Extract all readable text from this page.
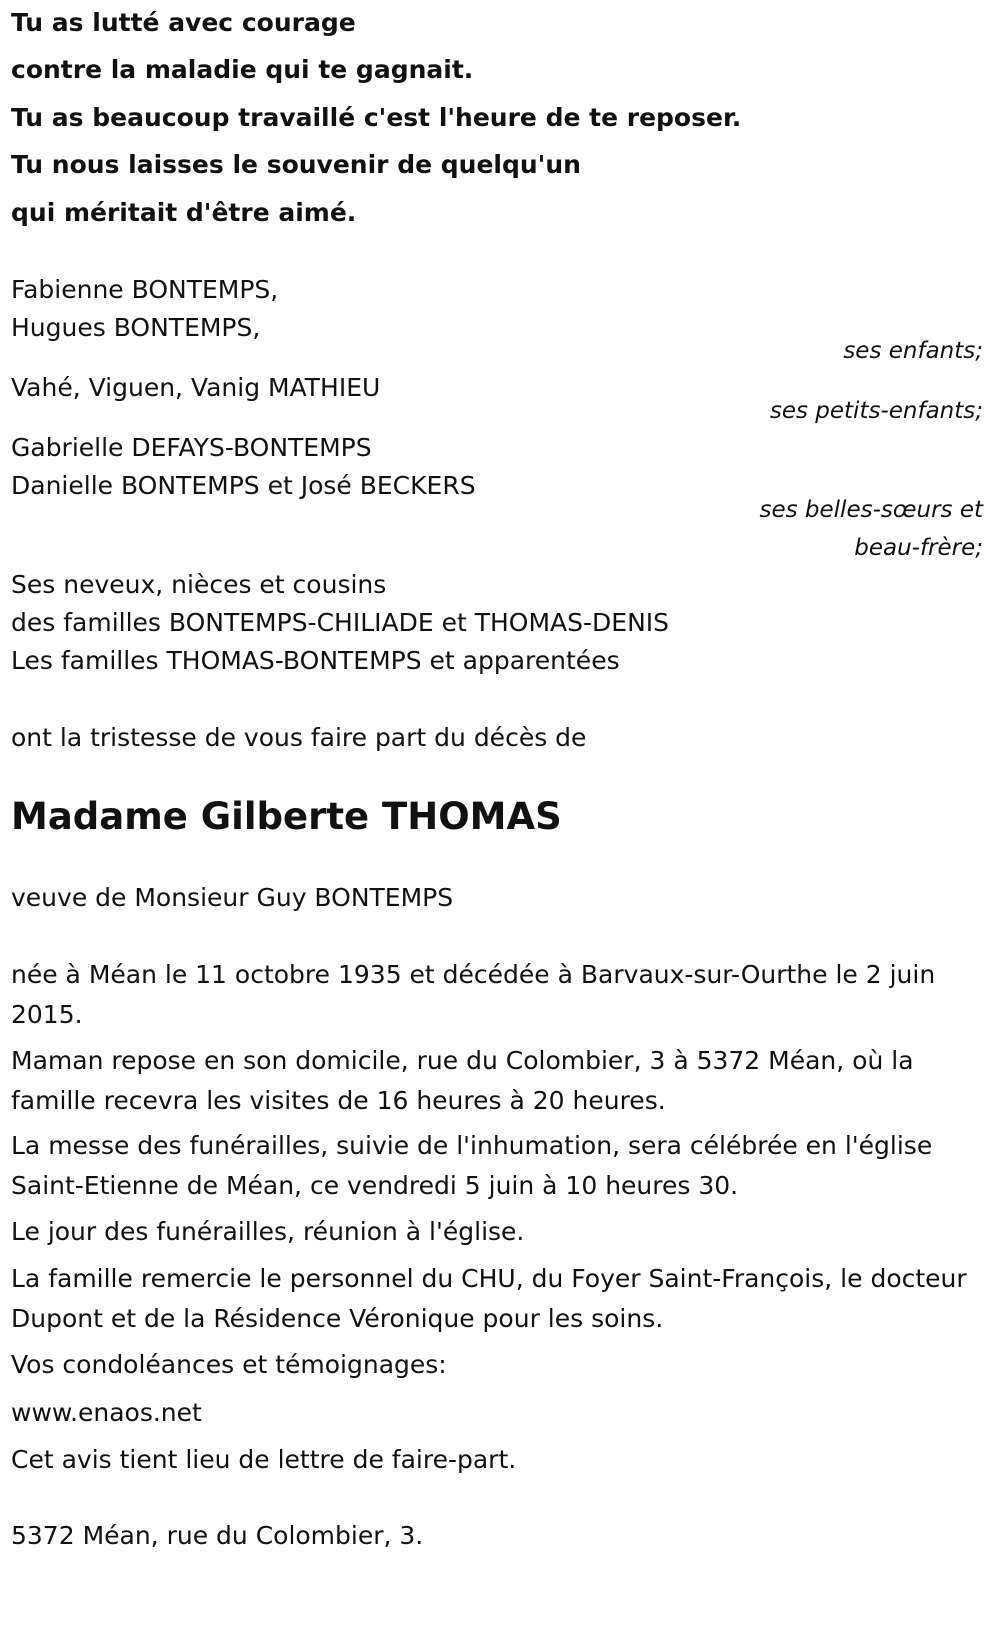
Tu as lutté avec courage
contre la maladie qui te gagnait.
Tu as beaucoup travaillé c'est l'heure de te reposer.
Tu nous laisses le souvenir de quelqu'un
qui méritait d'être aimé.
Fabienne BONTEMPS,
Hugues BONTEMPS,
ses enfants;
Vahé, Viguen, Vanig MATHIEU
ses petits-enfants;
Gabrielle DEFAYS-BONTEMPS
Danielle BONTEMPS et José BECKERS
ses belles-sœurs et
beau-frère;
Ses neveux, nièces et cousins
des familles BONTEMPS-CHILIADE et THOMAS-DENIS
Les familles THOMAS-BONTEMPS et apparentées
ont la tristesse de vous faire part du décès de
Madame Gilberte THOMAS
veuve de Monsieur Guy BONTEMPS
née à Méan le 11 octobre 1935 et décédée à Barvaux-sur-Ourthe le 2 juin 2015.
Maman repose en son domicile, rue du Colombier, 3 à 5372 Méan, où la famille recevra les visites de 16 heures à 20 heures.
La messe des funérailles, suivie de l'inhumation, sera célébrée en l'église Saint-Etienne de Méan, ce vendredi 5 juin à 10 heures 30.
Le jour des funérailles, réunion à l'église.
La famille remercie le personnel du CHU, du Foyer Saint-François, le docteur Dupont et de la Résidence Véronique pour les soins.
Vos condoléances et témoignages:
www.enaos.net
Cet avis tient lieu de lettre de faire-part.
5372 Méan, rue du Colombier, 3.
